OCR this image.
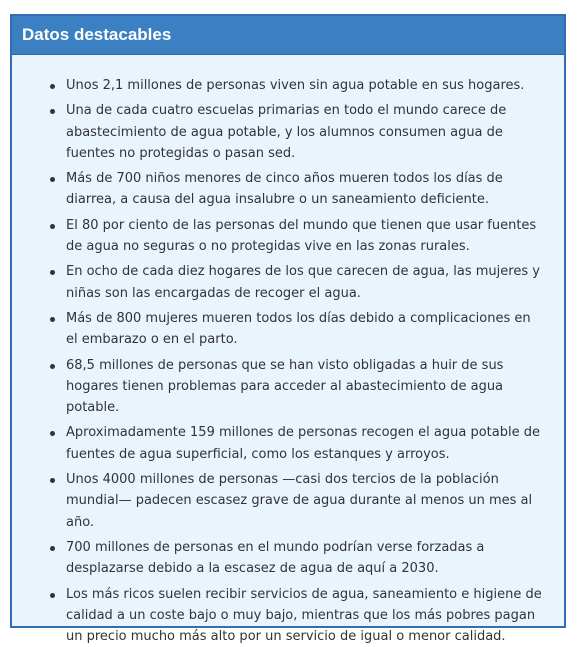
Datos destacables
Unos 2,1 millones de personas viven sin agua potable en sus hogares.
Una de cada cuatro escuelas primarias en todo el mundo carece de abastecimiento de agua potable, y los alumnos consumen agua de fuentes no protegidas o pasan sed.
Más de 700 niños menores de cinco años mueren todos los días de diarrea, a causa del agua insalubre o un saneamiento deficiente.
El 80 por ciento de las personas del mundo que tienen que usar fuentes de agua no seguras o no protegidas vive en las zonas rurales.
En ocho de cada diez hogares de los que carecen de agua, las mujeres y niñas son las encargadas de recoger el agua.
Más de 800 mujeres mueren todos los días debido a complicaciones en el embarazo o en el parto.
68,5 millones de personas que se han visto obligadas a huir de sus hogares tienen problemas para acceder al abastecimiento de agua potable.
Aproximadamente 159 millones de personas recogen el agua potable de fuentes de agua superficial, como los estanques y arroyos.
Unos 4000 millones de personas —casi dos tercios de la población mundial— padecen escasez grave de agua durante al menos un mes al año.
700 millones de personas en el mundo podrían verse forzadas a desplazarse debido a la escasez de agua de aquí a 2030.
Los más ricos suelen recibir servicios de agua, saneamiento e higiene de calidad a un coste bajo o muy bajo, mientras que los más pobres pagan un precio mucho más alto por un servicio de igual o menor calidad.
